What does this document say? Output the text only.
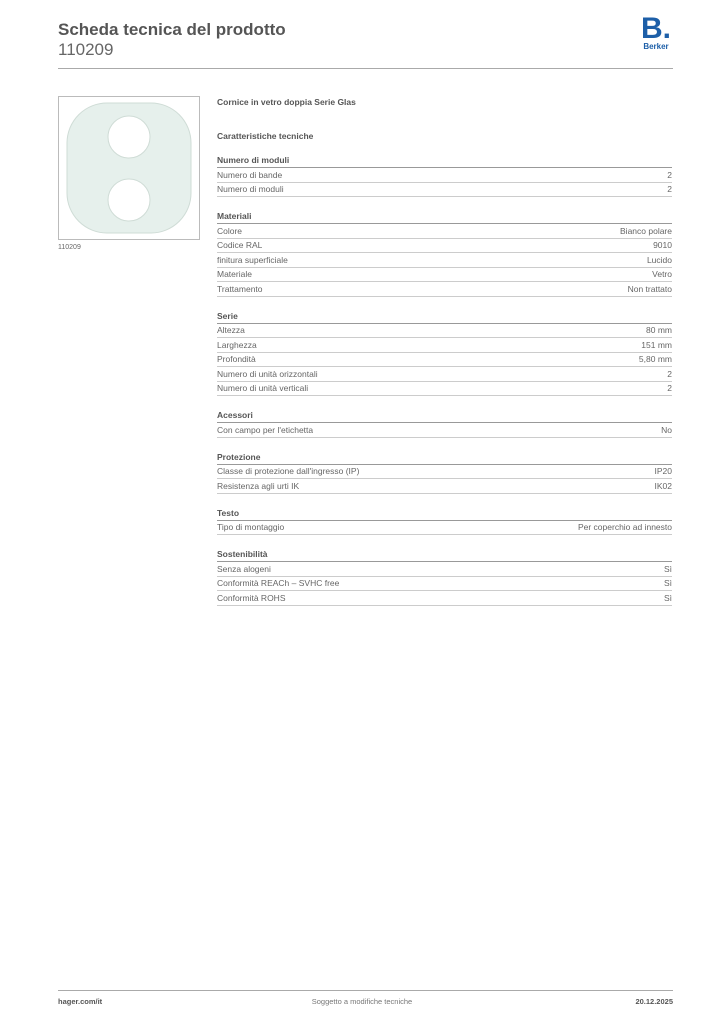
Scheda tecnica del prodotto
110209
B.
Berker
110209
Cornice in vetro doppia Serie Glas
Caratteristiche tecniche
Numero di moduli
Numero di bande	2
Numero di moduli	2
Materiali
Colore	Bianco polare
Codice RAL	9010
finitura superficiale	Lucido
Materiale	Vetro
Trattamento	Non trattato
Serie
Altezza	80 mm
Larghezza	151 mm
Profondità	5,80 mm
Numero di unità orizzontali	2
Numero di unità verticali	2
Acessori
Con campo per l'etichetta	No
Protezione
Classe di protezione dall'ingresso (IP)	IP20
Resistenza agli urti IK	IK02
Testo
Tipo di montaggio	Per coperchio ad innesto
Sostenibilità
Senza alogeni	Sì
Conformità REACh – SVHC free	Sì
Conformità ROHS	Sì
hager.com/it	Soggetto a modifiche tecniche	20.12.2025
